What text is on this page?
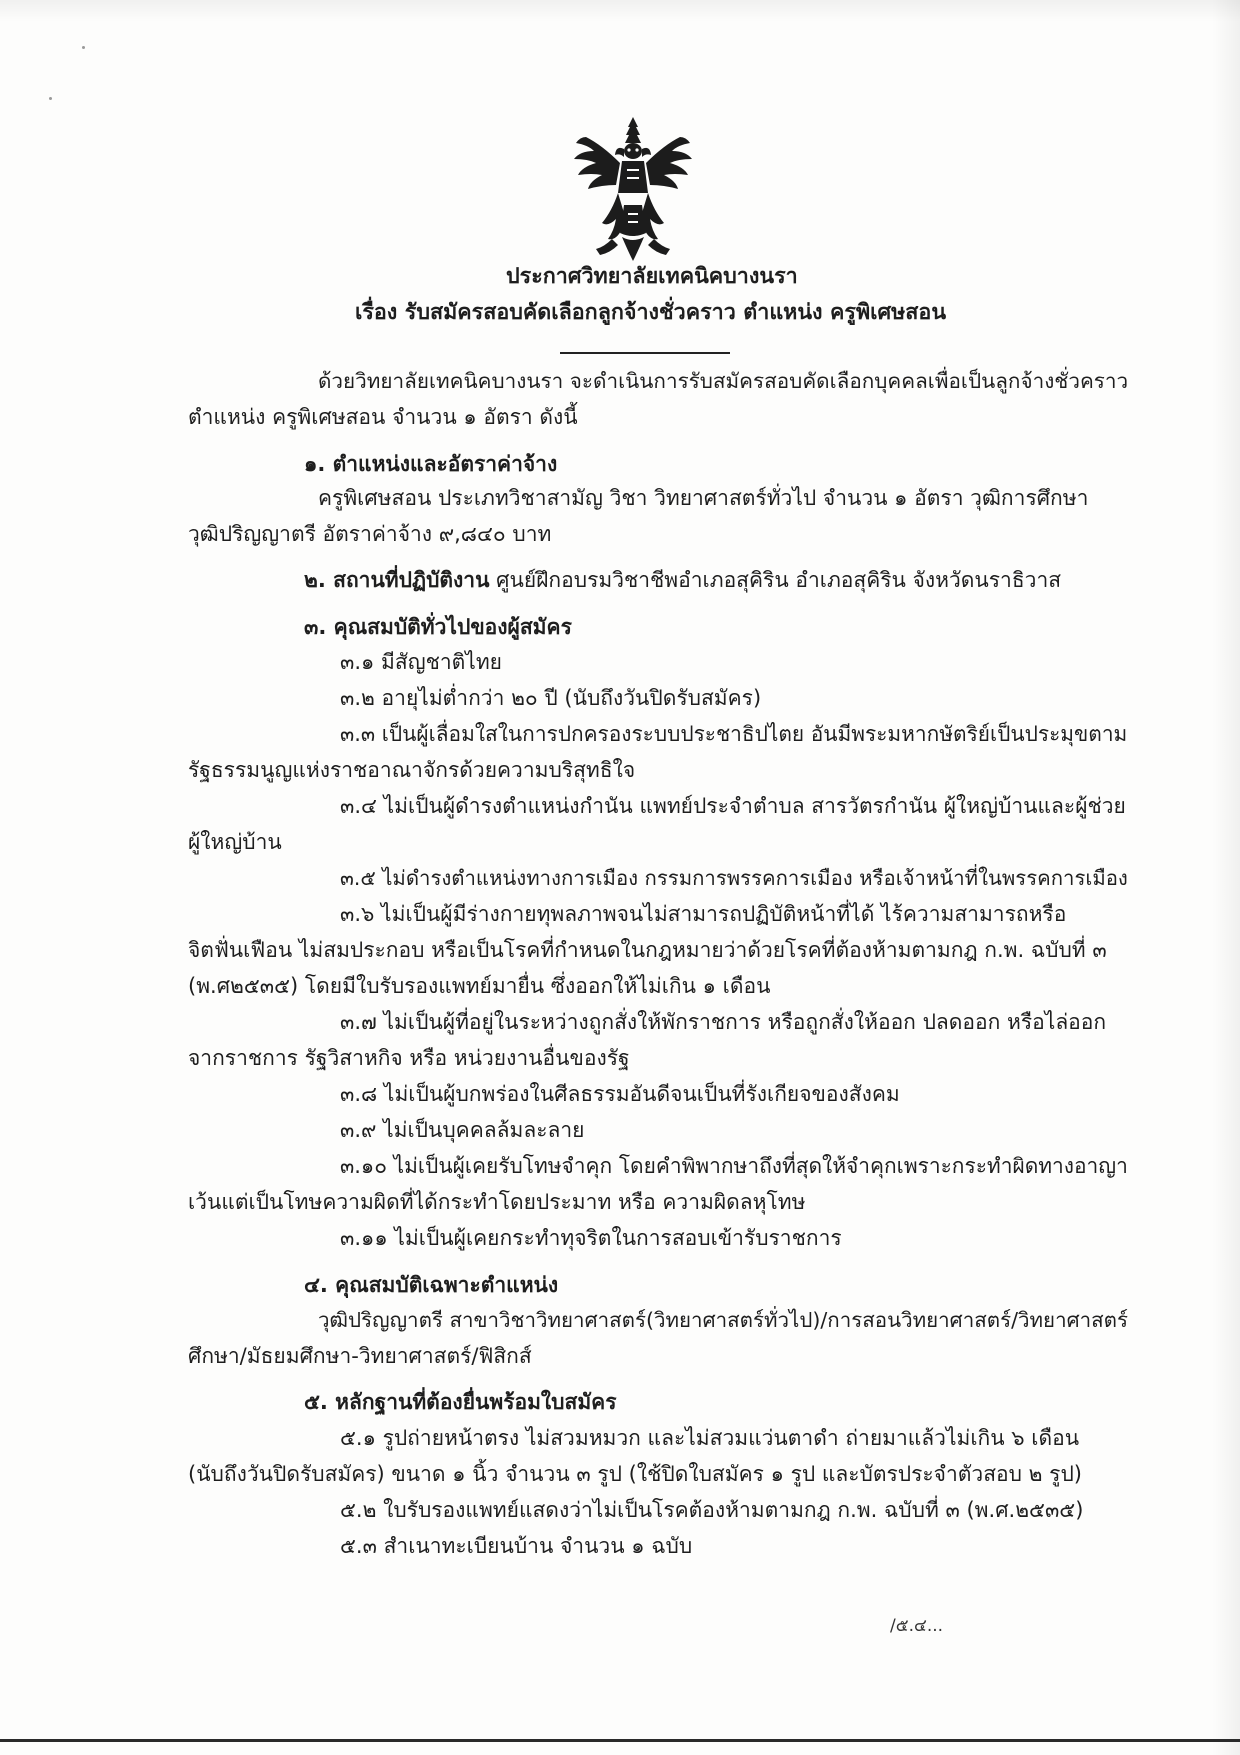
ประกาศวิทยาลัยเทคนิคบางนรา
เรื่อง รับสมัครสอบคัดเลือกลูกจ้างชั่วคราว ตำแหน่ง ครูพิเศษสอน
ด้วยวิทยาลัยเทคนิคบางนรา จะดำเนินการรับสมัครสอบคัดเลือกบุคคลเพื่อเป็นลูกจ้างชั่วคราว
ตำแหน่ง ครูพิเศษสอน จำนวน ๑ อัตรา ดังนี้
๑. ตำแหน่งและอัตราค่าจ้าง
ครูพิเศษสอน ประเภทวิชาสามัญ วิชา วิทยาศาสตร์ทั่วไป จำนวน ๑ อัตรา วุฒิการศึกษา
วุฒิปริญญาตรี อัตราค่าจ้าง ๙,๘๔๐ บาท
๒. สถานที่ปฏิบัติงาน ศูนย์ฝึกอบรมวิชาชีพอำเภอสุคิริน อำเภอสุคิริน จังหวัดนราธิวาส
๓. คุณสมบัติทั่วไปของผู้สมัคร
๓.๑ มีสัญชาติไทย
๓.๒ อายุไม่ต่ำกว่า ๒๐ ปี (นับถึงวันปิดรับสมัคร)
๓.๓ เป็นผู้เลื่อมใสในการปกครองระบบประชาธิปไตย อันมีพระมหากษัตริย์เป็นประมุขตาม
รัฐธรรมนูญแห่งราชอาณาจักรด้วยความบริสุทธิใจ
๓.๔ ไม่เป็นผู้ดำรงตำแหน่งกำนัน แพทย์ประจำตำบล สารวัตรกำนัน ผู้ใหญ่บ้านและผู้ช่วย
ผู้ใหญ่บ้าน
๓.๕ ไม่ดำรงตำแหน่งทางการเมือง กรรมการพรรคการเมือง หรือเจ้าหน้าที่ในพรรคการเมือง
๓.๖ ไม่เป็นผู้มีร่างกายทุพลภาพจนไม่สามารถปฏิบัติหน้าที่ได้ ไร้ความสามารถหรือ
จิตฟั่นเฟือน ไม่สมประกอบ หรือเป็นโรคที่กำหนดในกฎหมายว่าด้วยโรคที่ต้องห้ามตามกฎ ก.พ. ฉบับที่ ๓
(พ.ศ๒๕๓๕) โดยมีใบรับรองแพทย์มายื่น ซึ่งออกให้ไม่เกิน ๑ เดือน
๓.๗ ไม่เป็นผู้ที่อยู่ในระหว่างถูกสั่งให้พักราชการ หรือถูกสั่งให้ออก ปลดออก หรือไล่ออก
จากราชการ รัฐวิสาหกิจ หรือ หน่วยงานอื่นของรัฐ
๓.๘ ไม่เป็นผู้บกพร่องในศีลธรรมอันดีจนเป็นที่รังเกียจของสังคม
๓.๙ ไม่เป็นบุคคลล้มละลาย
๓.๑๐ ไม่เป็นผู้เคยรับโทษจำคุก โดยคำพิพากษาถึงที่สุดให้จำคุกเพราะกระทำผิดทางอาญา
เว้นแต่เป็นโทษความผิดที่ได้กระทำโดยประมาท หรือ ความผิดลหุโทษ
๓.๑๑ ไม่เป็นผู้เคยกระทำทุจริตในการสอบเข้ารับราชการ
๔. คุณสมบัติเฉพาะตำแหน่ง
วุฒิปริญญาตรี สาขาวิชาวิทยาศาสตร์(วิทยาศาสตร์ทั่วไป)/การสอนวิทยาศาสตร์/วิทยาศาสตร์
ศึกษา/มัธยมศึกษา-วิทยาศาสตร์/ฟิสิกส์
๕. หลักฐานที่ต้องยื่นพร้อมใบสมัคร
๕.๑ รูปถ่ายหน้าตรง ไม่สวมหมวก และไม่สวมแว่นตาดำ ถ่ายมาแล้วไม่เกิน ๖ เดือน
(นับถึงวันปิดรับสมัคร) ขนาด ๑ นิ้ว จำนวน ๓ รูป (ใช้ปิดใบสมัคร ๑ รูป และบัตรประจำตัวสอบ ๒ รูป)
๕.๒ ใบรับรองแพทย์แสดงว่าไม่เป็นโรคต้องห้ามตามกฎ ก.พ. ฉบับที่ ๓ (พ.ศ.๒๕๓๕)
๕.๓ สำเนาทะเบียนบ้าน จำนวน ๑ ฉบับ
/๕.๔...
